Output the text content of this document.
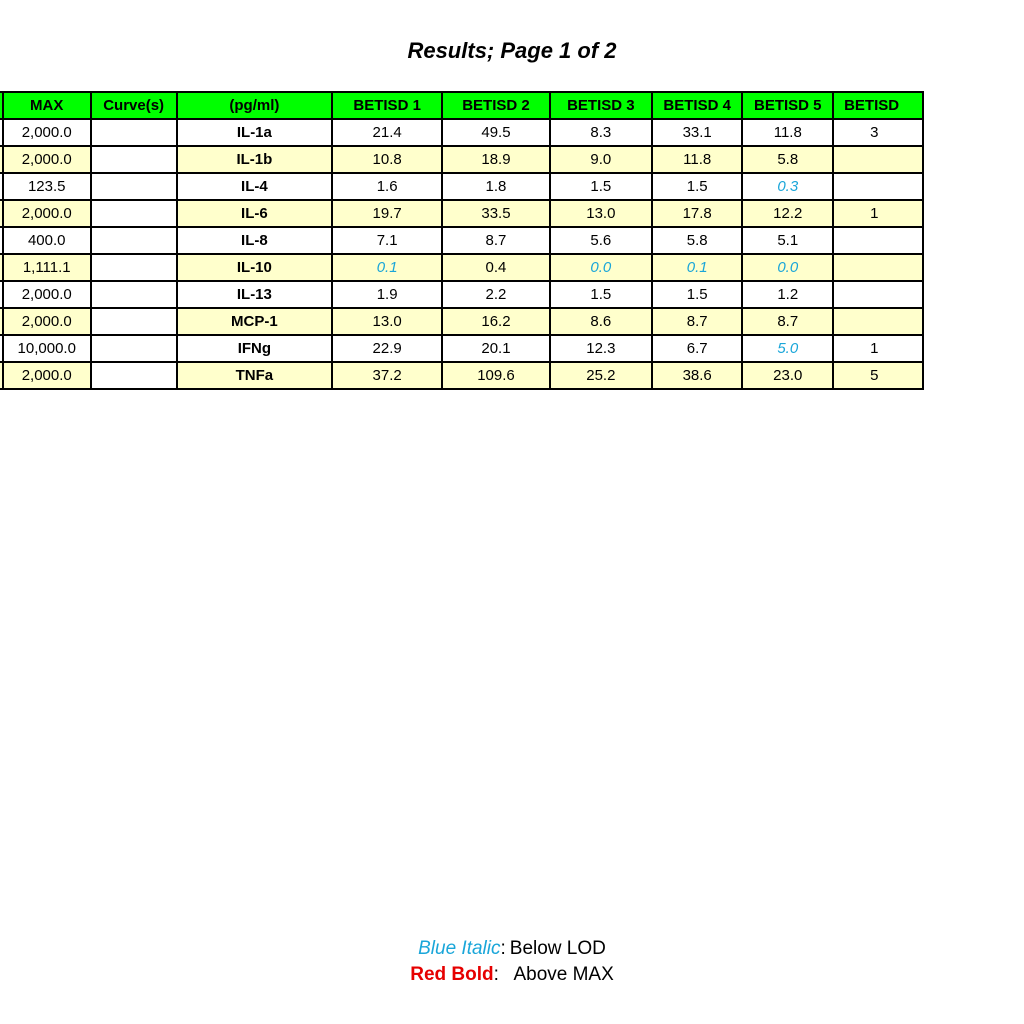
Results; Page 1 of 2
	MAX	Curve(s)	(pg/ml)	BETISD 1	BETISD 2	BETISD 3	BETISD 4	BETISD 5	BETISD
	2,000.0		IL-1a	21.4	49.5	8.3	33.1	11.8	3
	2,000.0		IL-1b	10.8	18.9	9.0	11.8	5.8	
	123.5		IL-4	1.6	1.8	1.5	1.5	0.3	
	2,000.0		IL-6	19.7	33.5	13.0	17.8	12.2	1
	400.0		IL-8	7.1	8.7	5.6	5.8	5.1	
	1,111.1		IL-10	0.1	0.4	0.0	0.1	0.0	
	2,000.0		IL-13	1.9	2.2	1.5	1.5	1.2	
	2,000.0		MCP-1	13.0	16.2	8.6	8.7	8.7	
	10,000.0		IFNg	22.9	20.1	12.3	6.7	5.0	1
	2,000.0		TNFa	37.2	109.6	25.2	38.6	23.0	5
Blue Italic: Below LOD
Red Bold: Above MAX
